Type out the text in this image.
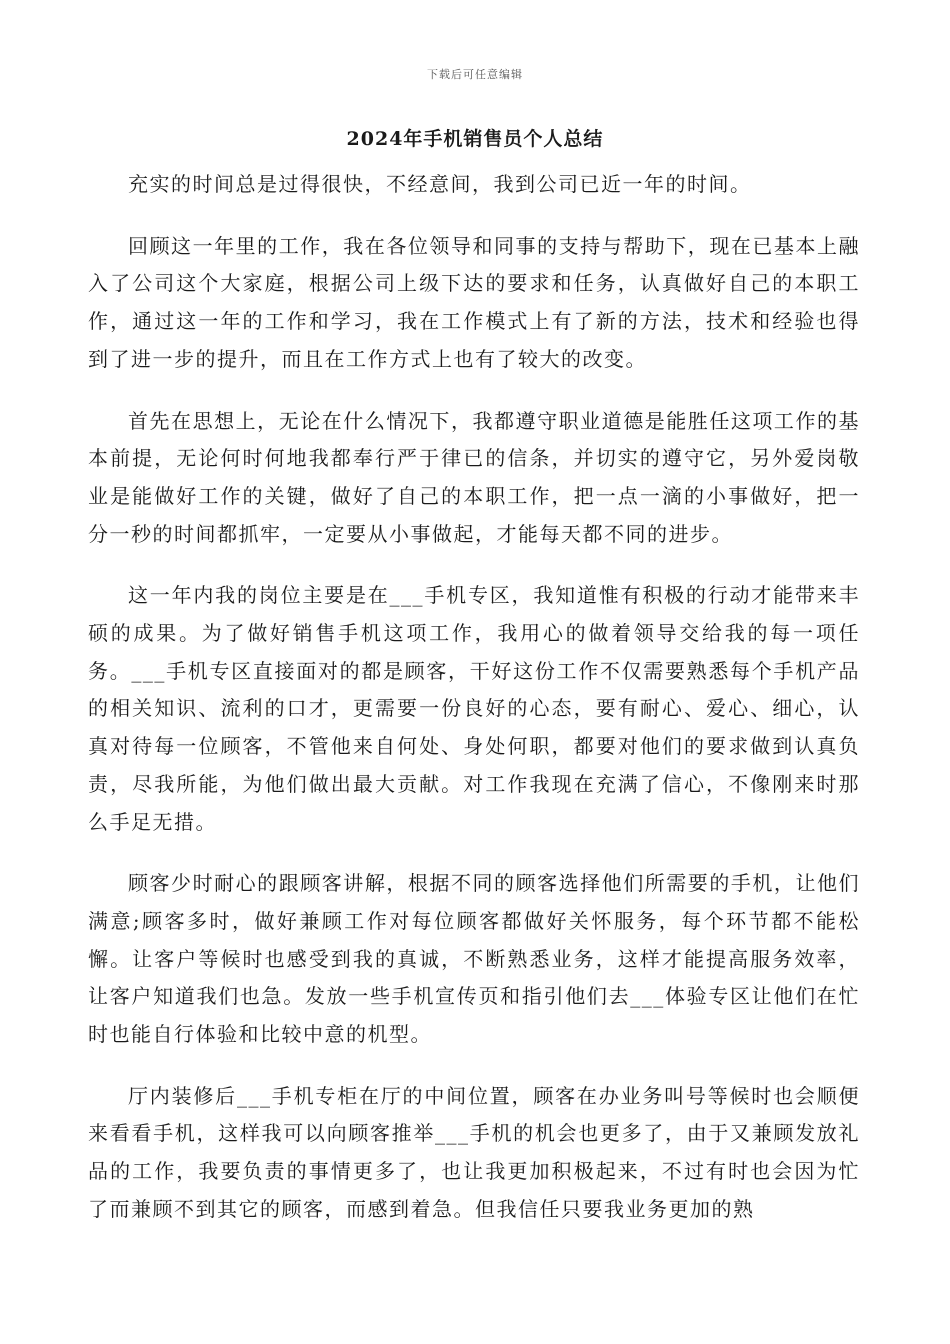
下载后可任意编辑
2024年手机销售员个人总结

充实的时间总是过得很快，不经意间，我到公司已近一年的时间。

回顾这一年里的工作，我在各位领导和同事的支持与帮助下，现在已基本上融入了公司这个大家庭，根据公司上级下达的要求和任务，认真做好自己的本职工作，通过这一年的工作和学习，我在工作模式上有了新的方法，技术和经验也得到了进一步的提升，而且在工作方式上也有了较大的改变。

首先在思想上，无论在什么情况下，我都遵守职业道德是能胜任这项工作的基本前提，无论何时何地我都奉行严于律已的信条，并切实的遵守它，另外爱岗敬业是能做好工作的关键，做好了自己的本职工作，把一点一滴的小事做好，把一分一秒的时间都抓牢，一定要从小事做起，才能每天都不同的进步。

这一年内我的岗位主要是在___手机专区，我知道惟有积极的行动才能带来丰硕的成果。为了做好销售手机这项工作，我用心的做着领导交给我的每一项任务。___手机专区直接面对的都是顾客，干好这份工作不仅需要熟悉每个手机产品的相关知识、流利的口才，更需要一份良好的心态，要有耐心、爱心、细心，认真对待每一位顾客，不管他来自何处、身处何职，都要对他们的要求做到认真负责，尽我所能，为他们做出最大贡献。对工作我现在充满了信心，不像刚来时那么手足无措。

顾客少时耐心的跟顾客讲解，根据不同的顾客选择他们所需要的手机，让他们满意;顾客多时，做好兼顾工作对每位顾客都做好关怀服务，每个环节都不能松懈。让客户等候时也感受到我的真诚，不断熟悉业务，这样才能提高服务效率，让客户知道我们也急。发放一些手机宣传页和指引他们去___体验专区让他们在忙时也能自行体验和比较中意的机型。

厅内装修后___手机专柜在厅的中间位置，顾客在办业务叫号等候时也会顺便来看看手机，这样我可以向顾客推举___手机的机会也更多了，由于又兼顾发放礼品的工作，我要负责的事情更多了，也让我更加积极起来，不过有时也会因为忙了而兼顾不到其它的顾客，而感到着急。但我信任只要我业务更加的熟
